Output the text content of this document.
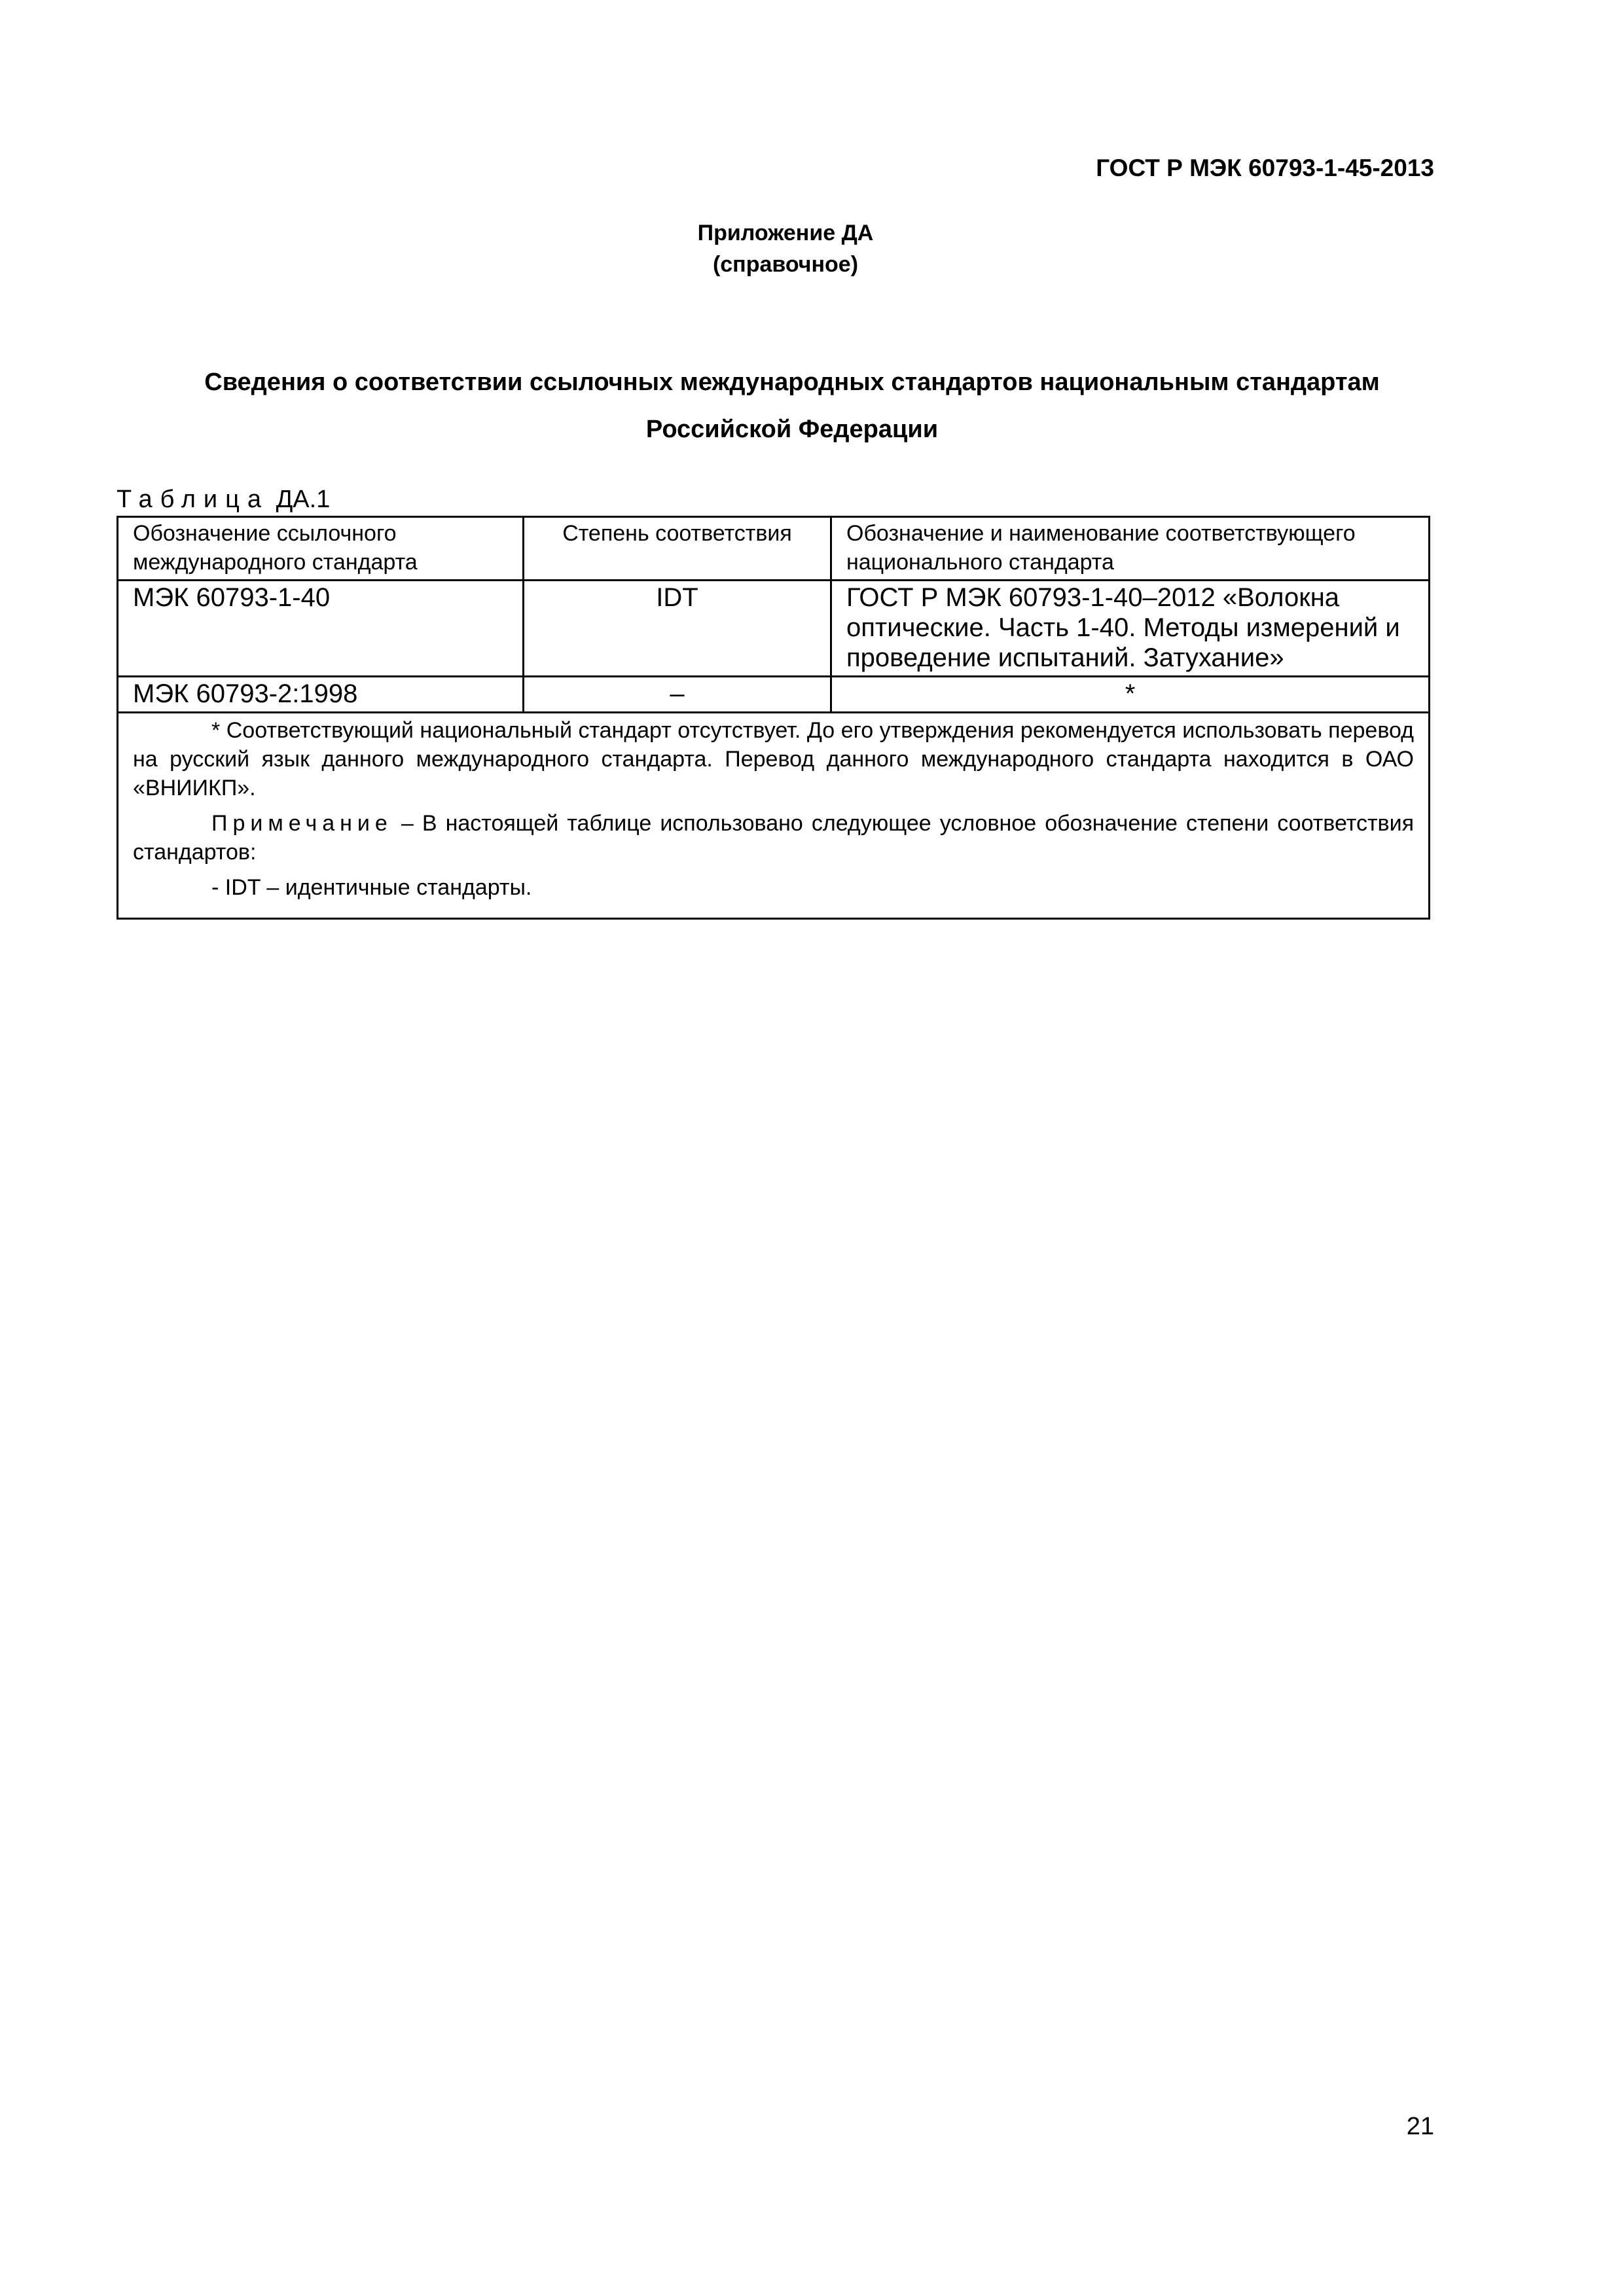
ГОСТ Р МЭК 60793-1-45-2013
Приложение ДА
(справочное)
Сведения о соответствии ссылочных международных стандартов национальным стандартам
Российской Федерации
Таблица ДА.1
Обозначение ссылочного международного стандарта	Степень соответствия	Обозначение и наименование соответствующего национального стандарта
МЭК 60793-1-40	IDT	ГОСТ Р МЭК 60793-1-40–2012 «Волокна оптические. Часть 1-40. Методы измерений и проведение испытаний. Затухание»
МЭК 60793-2:1998	–	*

* Соответствующий национальный стандарт отсутствует. До его утверждения рекомендуется использовать перевод на русский язык данного международного стандарта. Перевод данного международного стандарта находится в ОАО «ВНИИКП».

Примечание – В настоящей таблице использовано следующее условное обозначение степени соответствия стандартов:

- IDT – идентичные стандарты.		

21
